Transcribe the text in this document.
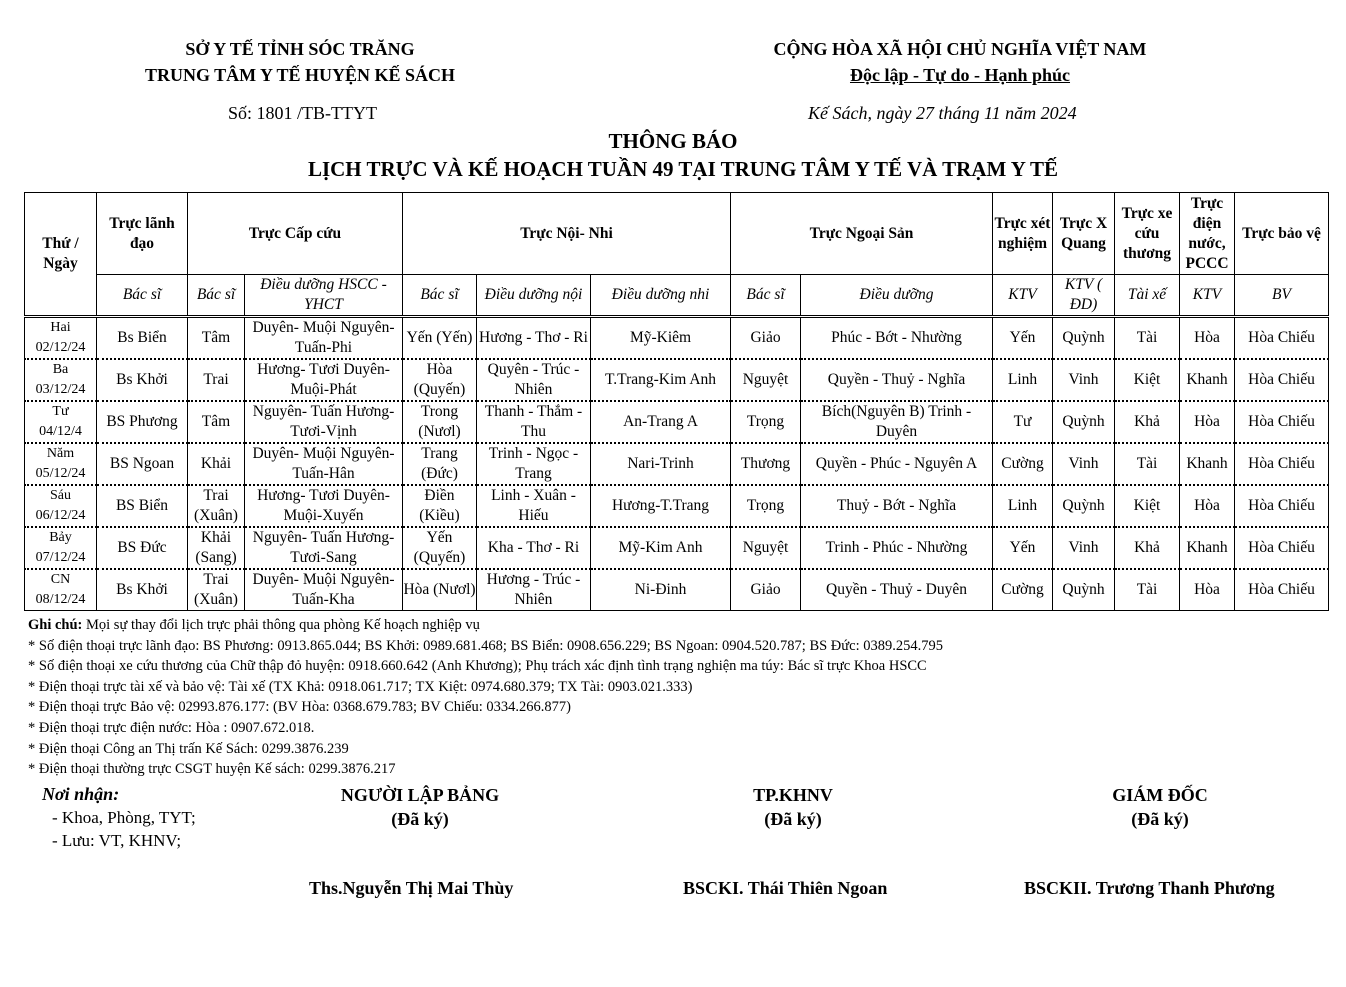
SỞ Y TẾ TỈNH SÓC TRĂNG
TRUNG TÂM Y TẾ HUYỆN KẾ SÁCH
CỘNG HÒA XÃ HỘI CHỦ NGHĨA VIỆT NAM
Độc lập - Tự do - Hạnh phúc
Số: 1801 /TB-TTYT	Kế Sách, ngày 27 tháng 11 năm 2024
THÔNG BÁO
LỊCH TRỰC VÀ KẾ HOẠCH TUẦN 49 TẠI TRUNG TÂM Y TẾ VÀ TRẠM Y TẾ
Thứ / Ngày	Trực lãnh đạo	Trực Cấp cứu		Trực Nội- Nhi			Trực Ngoại Sản		Trực xét nghiệm	Trực X Quang	Trực xe cứu thương	Trực điện nước, PCCC	Trực bảo vệ
	Bác sĩ	Bác sĩ	Điều dưỡng HSCC - YHCT	Bác sĩ	Điều dưỡng nội	Điều dưỡng nhi	Bác sĩ	Điều dưỡng	KTV	KTV ( ĐD)	Tài xế	KTV	BV

Hai
02/12/24	Bs Biển	Tâm	Duyên- Muội Nguyên- Tuấn-Phi	Yến (Yến)	Hương - Thơ - Ri	Mỹ-Kiêm	Giảo	Phúc - Bớt - Nhường	Yến	Quỳnh	Tài	Hòa	Hòa Chiếu

Ba
03/12/24	Bs Khởi	Trai	Hương- Tươi Duyên- Muội-Phát	Hòa (Quyến)	Quyên - Trúc - Nhiên	T.Trang-Kim Anh	Nguyệt	Quyền - Thuỷ - Nghĩa	Linh	Vinh	Kiệt	Khanh	Hòa Chiếu

Tư
04/12/4	BS Phương	Tâm	Nguyên- Tuấn Hương- Tươi-Vịnh	Trong (Nươl)	Thanh - Thắm - Thu	An-Trang A	Trọng	Bích(Nguyên B) Trinh - Duyên	Tư	Quỳnh	Khả	Hòa	Hòa Chiếu

Năm
05/12/24	BS Ngoan	Khải	Duyên- Muội Nguyên- Tuấn-Hân	Trang (Đức)	Trinh - Ngọc - Trang	Nari-Trinh	Thương	Quyền - Phúc - Nguyên A	Cường	Vinh	Tài	Khanh	Hòa Chiếu

Sáu
06/12/24	BS Biển	Trai (Xuân)	Hương- Tươi Duyên- Muội-Xuyến	Điền (Kiều)	Linh - Xuân - Hiếu	Hương-T.Trang	Trọng	Thuỷ - Bớt - Nghĩa	Linh	Quỳnh	Kiệt	Hòa	Hòa Chiếu

Bảy
07/12/24	BS Đức	Khải (Sang)	Nguyên- Tuấn Hương- Tươi-Sang	Yến (Quyến)	Kha - Thơ - Ri	Mỹ-Kim Anh	Nguyệt	Trinh - Phúc - Nhường	Yến	Vinh	Khả	Khanh	Hòa Chiếu

CN
08/12/24	Bs Khởi	Trai (Xuân)	Duyên- Muội Nguyên- Tuấn-Kha	Hòa (Nươl)	Hương - Trúc - Nhiên	Ni-Đinh	Giảo	Quyền - Thuỷ - Duyên	Cường	Quỳnh	Tài	Hòa	Hòa Chiếu
Ghi chú: Mọi sự thay đổi lịch trực phải thông qua phòng Kế hoạch nghiệp vụ
* Số điện thoại trực lãnh đạo: BS Phương: 0913.865.044; BS Khởi: 0989.681.468; BS Biển: 0908.656.229; BS Ngoan: 0904.520.787; BS Đức: 0389.254.795
* Số điện thoại xe cứu thương của Chữ thập đỏ huyện: 0918.660.642 (Anh Khương); Phụ trách xác định tình trạng nghiện ma túy: Bác sĩ trực Khoa HSCC
* Điện thoại trực tài xế và bảo vệ: Tài xế (TX Khả: 0918.061.717; TX Kiệt: 0974.680.379; TX Tài: 0903.021.333)
* Điện thoại trực Bảo vệ: 02993.876.177: (BV Hòa: 0368.679.783; BV Chiếu: 0334.266.877)
* Điện thoại trực điện nước: Hòa : 0907.672.018.
* Điện thoại Công an Thị trấn Kế Sách: 0299.3876.239
* Điện thoại thường trực CSGT huyện Kế sách: 0299.3876.217
Nơi nhận:
- Khoa, Phòng, TYT;
- Lưu: VT, KHNV;
NGƯỜI LẬP BẢNG
(Đã ký)
TP.KHNV
(Đã ký)
GIÁM ĐỐC
(Đã ký)
Ths.Nguyễn Thị Mai Thùy	BSCKI. Thái Thiên Ngoan	BSCKII. Trương Thanh Phương
